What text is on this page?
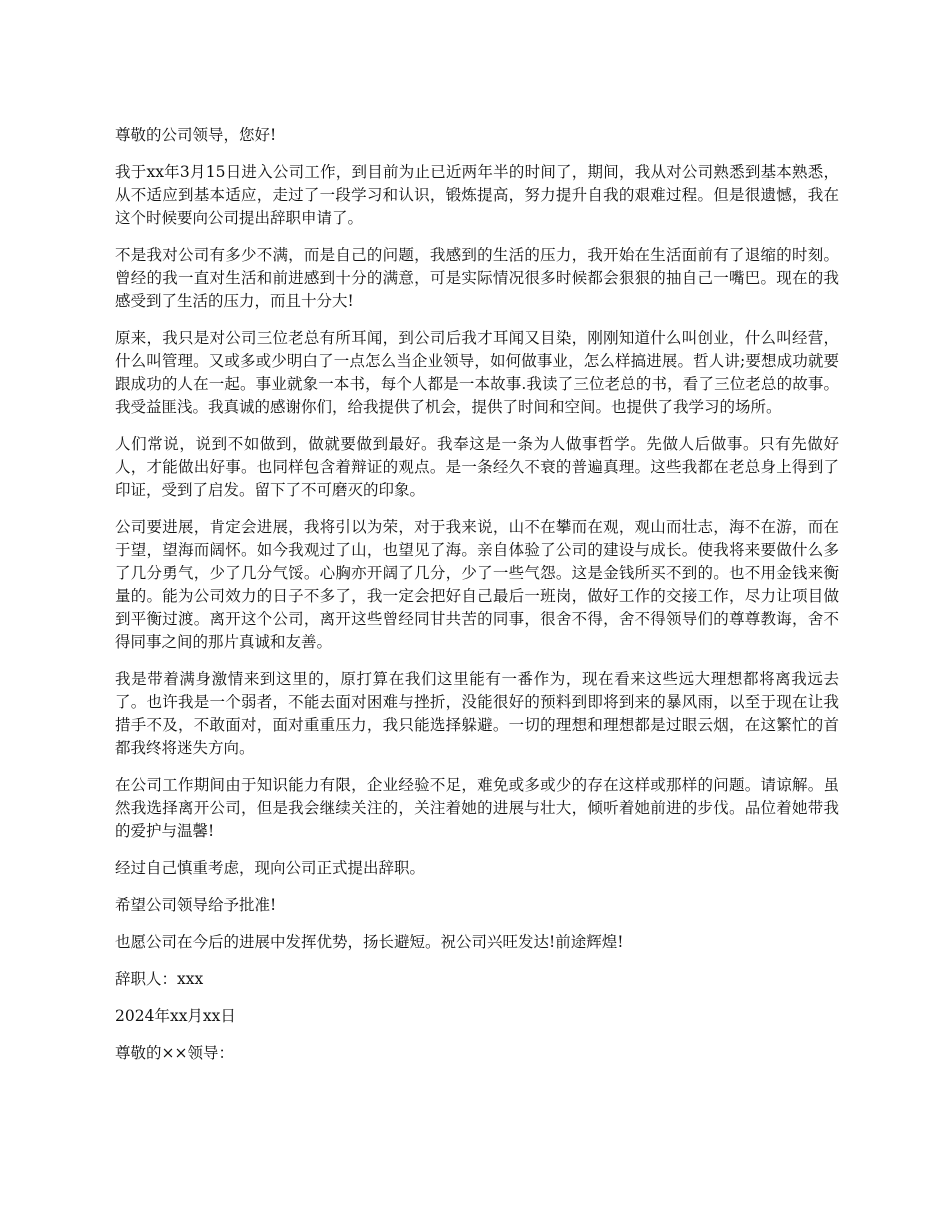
尊敬的公司领导，您好!

我于xx年3月15日进入公司工作，到目前为止已近两年半的时间了，期间，我从对公司熟悉到基本熟悉，从不适应到基本适应，走过了一段学习和认识，锻炼提高，努力提升自我的艰难过程。但是很遗憾，我在这个时候要向公司提出辞职申请了。

不是我对公司有多少不满，而是自己的问题，我感到的生活的压力，我开始在生活面前有了退缩的时刻。曾经的我一直对生活和前进感到十分的满意，可是实际情况很多时候都会狠狠的抽自己一嘴巴。现在的我感受到了生活的压力，而且十分大!

原来，我只是对公司三位老总有所耳闻，到公司后我才耳闻又目染，刚刚知道什么叫创业，什么叫经营，什么叫管理。又或多或少明白了一点怎么当企业领导，如何做事业，怎么样搞进展。哲人讲;要想成功就要跟成功的人在一起。事业就象一本书，每个人都是一本故事.我读了三位老总的书，看了三位老总的故事。我受益匪浅。我真诚的感谢你们，给我提供了机会，提供了时间和空间。也提供了我学习的场所。

人们常说，说到不如做到，做就要做到最好。我奉这是一条为人做事哲学。先做人后做事。只有先做好人，才能做出好事。也同样包含着辩证的观点。是一条经久不衰的普遍真理。这些我都在老总身上得到了印证，受到了启发。留下了不可磨灭的印象。

公司要进展，肯定会进展，我将引以为荣，对于我来说，山不在攀而在观，观山而壮志，海不在游，而在于望，望海而阔怀。如今我观过了山，也望见了海。亲自体验了公司的建设与成长。使我将来要做什么多了几分勇气，少了几分气馁。心胸亦开阔了几分，少了一些气怨。这是金钱所买不到的。也不用金钱来衡量的。能为公司效力的日子不多了，我一定会把好自己最后一班岗，做好工作的交接工作，尽力让项目做到平衡过渡。离开这个公司，离开这些曾经同甘共苦的同事，很舍不得，舍不得领导们的尊尊教诲，舍不得同事之间的那片真诚和友善。

我是带着满身激情来到这里的，原打算在我们这里能有一番作为，现在看来这些远大理想都将离我远去了。也许我是一个弱者，不能去面对困难与挫折，没能很好的预料到即将到来的暴风雨，以至于现在让我措手不及，不敢面对，面对重重压力，我只能选择躲避。一切的理想和理想都是过眼云烟，在这繁忙的首都我终将迷失方向。

在公司工作期间由于知识能力有限，企业经验不足，难免或多或少的存在这样或那样的问题。请谅解。虽然我选择离开公司，但是我会继续关注的，关注着她的进展与壮大，倾听着她前进的步伐。品位着她带我的爱护与温馨!

经过自己慎重考虑，现向公司正式提出辞职。

希望公司领导给予批准!

也愿公司在今后的进展中发挥优势，扬长避短。祝公司兴旺发达!前途辉煌!

辞职人：xxx

2024年xx月xx日

尊敬的××领导：
